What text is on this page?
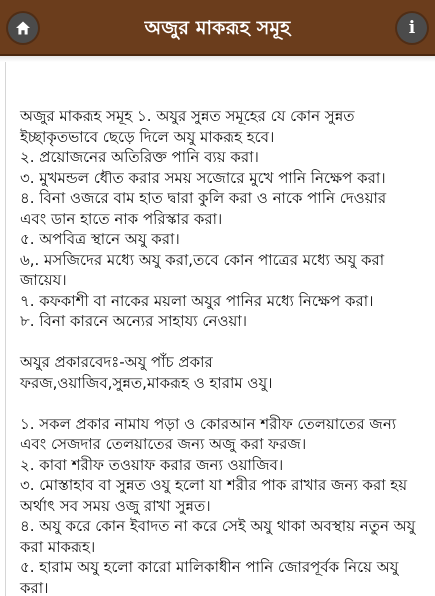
অজুর মাকরূহ সমূহ	i

অজুর মাকরূহ সমূহ ১. অযুর সুন্নত সমূহের যে কোন সুন্নত ইচ্ছাকৃতভাবে ছেড়ে দিলে অযু মাকরূহ হবে।

২. প্রয়োজনের অতিরিক্ত পানি ব্যয় করা।

৩. মুখমন্ডল ধৌত করার সময় সজোরে মুখে পানি নিক্ষেপ করা।

৪. বিনা ওজরে বাম হাত দ্বারা কুলি করা ও নাকে পানি দেওয়ার এবং ডান হাতে নাক পরিস্কার করা।

৫. অপবিত্র স্থানে অযু করা।

৬,. মসজিদের মধ্যে অযু করা,তবে কোন পাত্রের মধ্যে অযু করা জায়েয।

৭. কফকাশী বা নাকের ময়লা অযুর পানির মধ্যে নিক্ষেপ করা।

৮. বিনা কারনে অন্যের সাহায্য নেওয়া।

অযুর প্রকারবেদঃ-অযু পাঁচ প্রকার

ফরজ,ওয়াজিব,সুন্নত,মাকরূহ ও হারাম ওযু।

১. সকল প্রকার নামায পড়া ও কোরআন শরীফ তেলয়াতের জন্য এবং সেজদার তেলয়াতের জন্য অজু করা ফরজ।

২. কাবা শরীফ তওয়াফ করার জন্য ওয়াজিব।

৩. মোস্তাহাব বা সুন্নত ওযু হলো যা শরীর পাক রাখার জন্য করা হয় অর্থাৎ সব সময় ওজু রাখা সুন্নত।

৪. অযু করে কোন ইবাদত না করে সেই অযু থাকা অবস্থায় নতুন অযু করা মাকরূহ।

৫. হারাম অযু হলো কারো মালিকাধীন পানি জোরপূর্বক নিয়ে অযু করা।
